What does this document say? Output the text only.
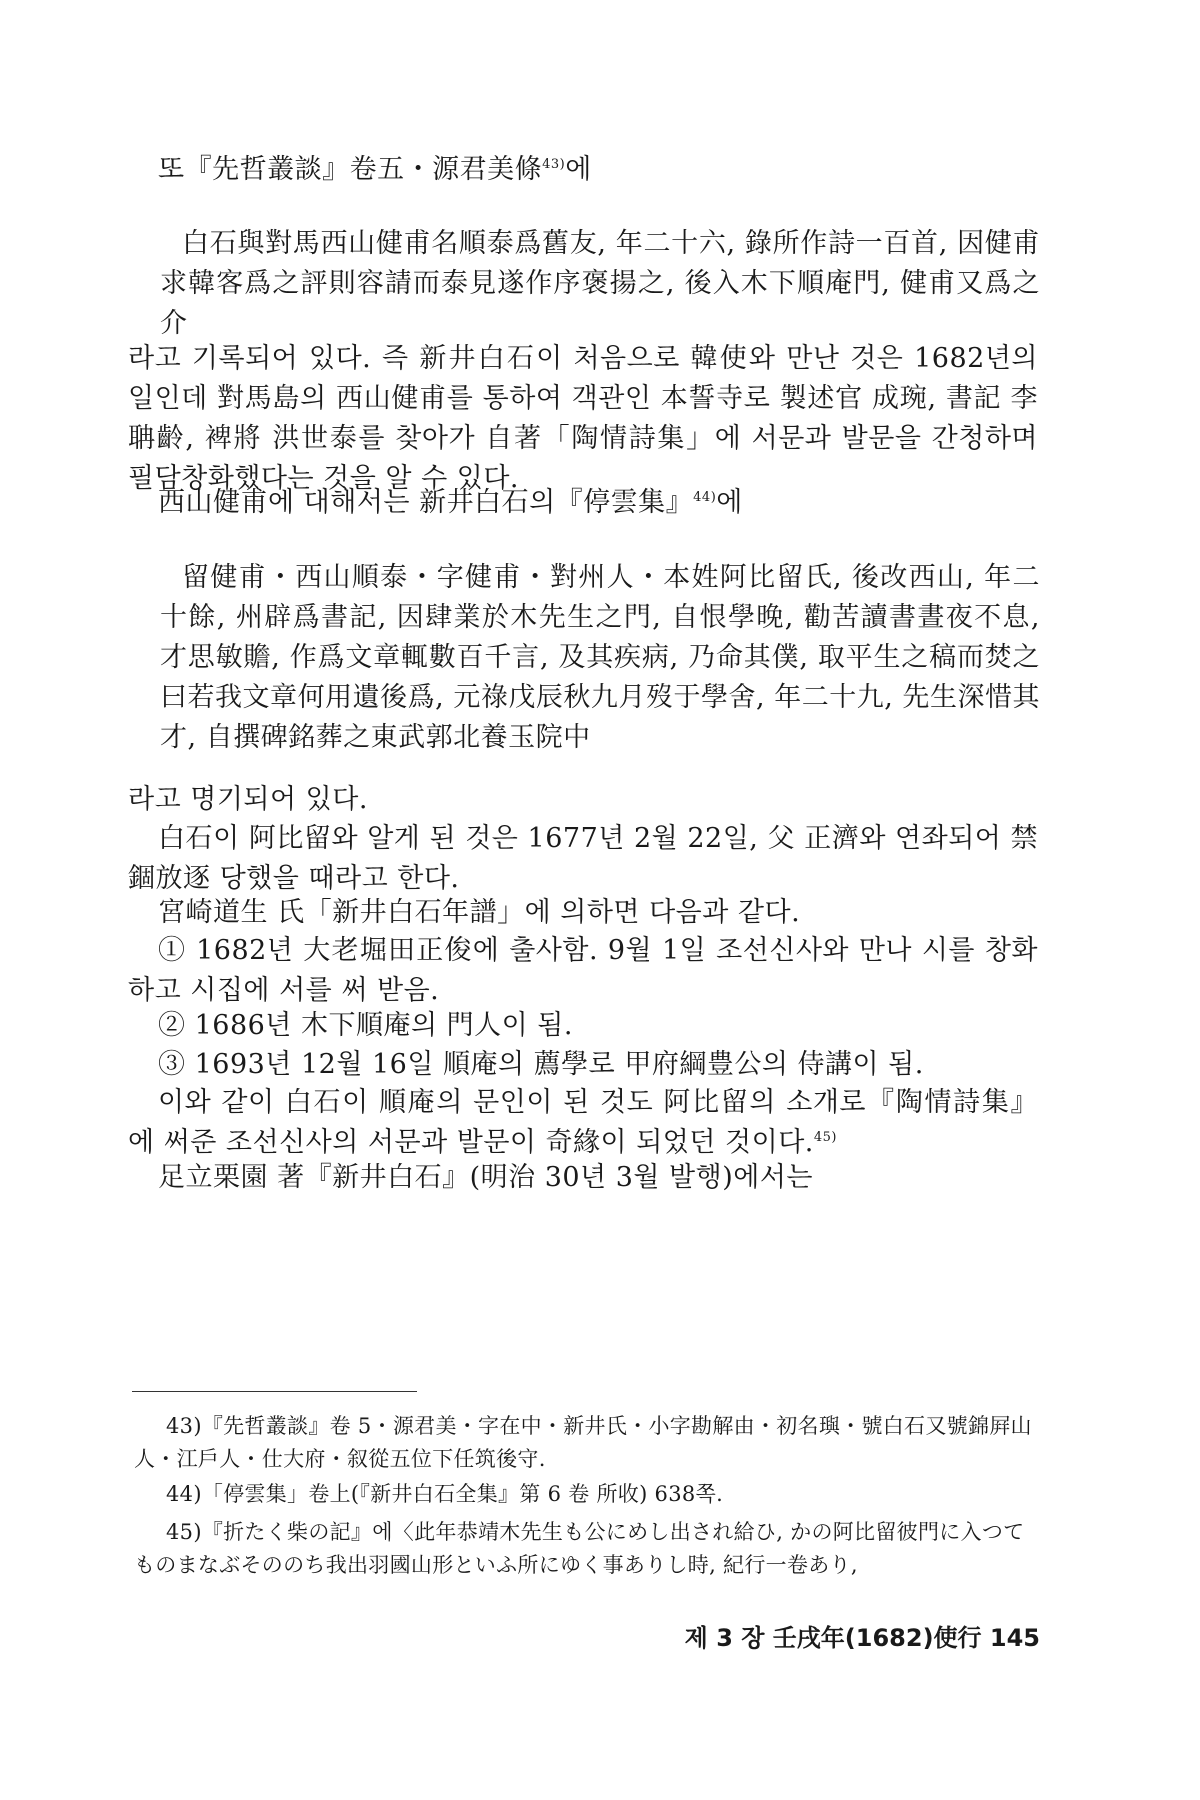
또『先哲叢談』卷五・源君美條$^{43)}$에

白石與對馬西山健甫名順泰爲舊友, 年二十六, 錄所作詩一百首, 因健甫求韓客爲之評則容請而泰見遂作序褒揚之, 後入木下順庵門, 健甫又爲之介

라고 기록되어 있다. 즉 新井白石이 처음으로 韓使와 만난 것은 1682년의 일인데 對馬島의 西山健甫를 통하여 객관인 本誓寺로 製述官 成琬, 書記 李聃齡, 裨將 洪世泰를 찾아가 自著「陶情詩集」에 서문과 발문을 간청하며 필담창화했다는 것을 알 수 있다.

西山健甫에 대해서는 新井白石의『停雲集』$^{44)}$에

留健甫・西山順泰・字健甫・對州人・本姓阿比留氏, 後改西山, 年二十餘, 州辟爲書記, 因肆業於木先生之門, 自恨學晚, 勸苦讀書晝夜不息, 才思敏贍, 作爲文章輒數百千言, 及其疾病, 乃命其僕, 取平生之稿而焚之曰若我文章何用遺後爲, 元祿戊辰秋九月歿于學舍, 年二十九, 先生深惜其才, 自撰碑銘葬之東武郭北養玉院中

라고 명기되어 있다.

白石이 阿比留와 알게 된 것은 1677년 2월 22일, 父 正濟와 연좌되어 禁錮放逐 당했을 때라고 한다.

宮崎道生 氏「新井白石年譜」에 의하면 다음과 같다.

① 1682년 大老堀田正俊에 출사함. 9월 1일 조선신사와 만나 시를 창화하고 시집에 서를 써 받음.

② 1686년 木下順庵의 門人이 됨.

③ 1693년 12월 16일 順庵의 薦學로 甲府綱豊公의 侍講이 됨.

이와 같이 白石이 順庵의 문인이 된 것도 阿比留의 소개로『陶情詩集』에 써준 조선신사의 서문과 발문이 奇緣이 되었던 것이다.$^{45)}$

足立栗園 著『新井白石』(明治 30년 3월 발행)에서는

43)『先哲叢談』卷 5・源君美・字在中・新井氏・小字勘解由・初名璵・號白石又號錦屛山人・江戶人・仕大府・叙從五位下任筑後守.

44)「停雲集」卷上(『新井白石全集』第 6 卷 所收) 638쪽.

45)『折たく柴の記』에〈此年恭靖木先生も公にめし出され給ひ, かの阿比留彼門に入つてものまなぶそののち我出羽國山形といふ所にゆく事ありし時, 紀行一卷あり,

제 3 장 壬戌年(1682)使行 145
